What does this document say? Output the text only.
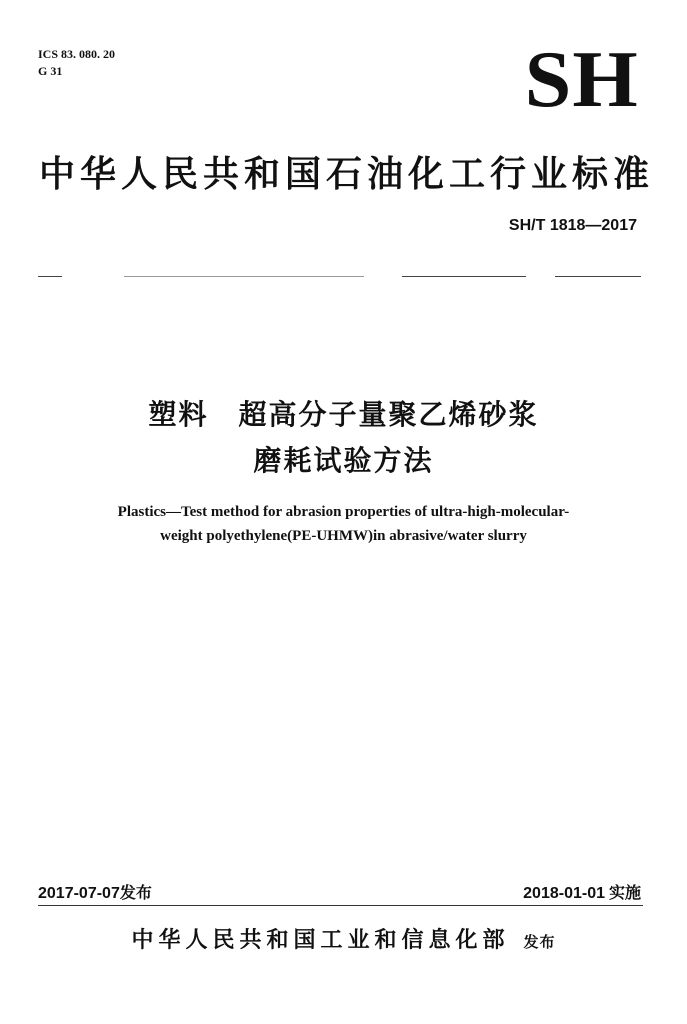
ICS 83. 080. 20
G 31	SH
中华人民共和国石油化工行业标准
SH/T 1818—2017
塑料 超高分子量聚乙烯砂浆
磨耗试验方法
Plastics—Test method for abrasion properties of ultra-high-molecular-
weight polyethylene(PE-UHMW)in abrasive/water slurry
2017-07-07发布	2018-01-01 实施
中华人民共和国工业和信息化部 发布
